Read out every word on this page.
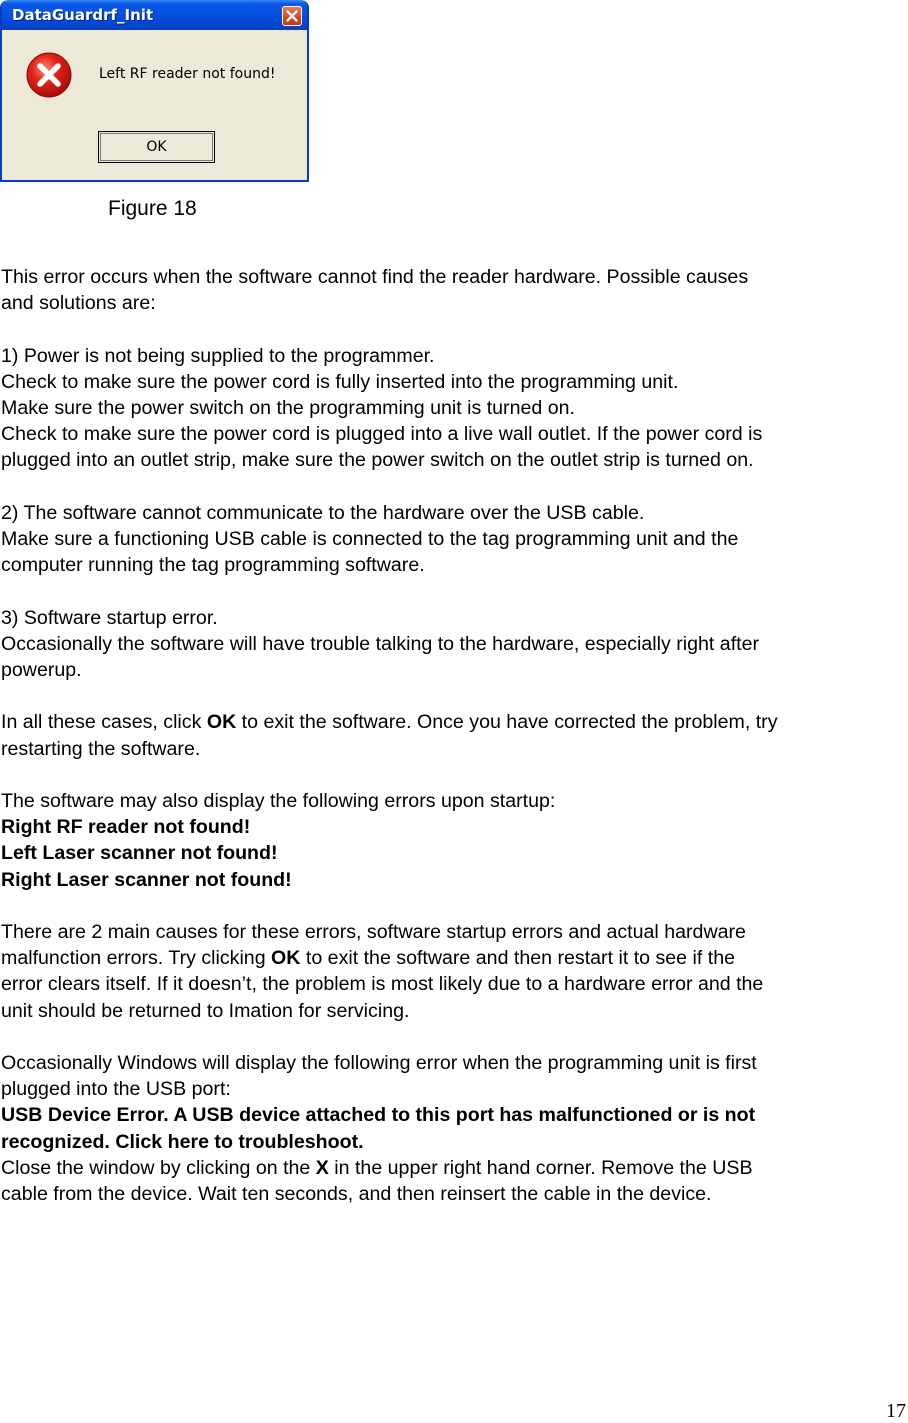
DataGuardrf_Init
Left RF reader not found!
OK
Figure 18

This error occurs when the software cannot find the reader hardware. Possible causes
and solutions are:

1) Power is not being supplied to the programmer.
Check to make sure the power cord is fully inserted into the programming unit.
Make sure the power switch on the programming unit is turned on.
Check to make sure the power cord is plugged into a live wall outlet. If the power cord is
plugged into an outlet strip, make sure the power switch on the outlet strip is turned on.

2) The software cannot communicate to the hardware over the USB cable.
Make sure a functioning USB cable is connected to the tag programming unit and the
computer running the tag programming software.

3) Software startup error.
Occasionally the software will have trouble talking to the hardware, especially right after
powerup.

In all these cases, click OK to exit the software. Once you have corrected the problem, try
restarting the software.

The software may also display the following errors upon startup:
Right RF reader not found!
Left Laser scanner not found!
Right Laser scanner not found!

There are 2 main causes for these errors, software startup errors and actual hardware
malfunction errors. Try clicking OK to exit the software and then restart it to see if the
error clears itself. If it doesn’t, the problem is most likely due to a hardware error and the
unit should be returned to Imation for servicing.

Occasionally Windows will display the following error when the programming unit is first
plugged into the USB port:
USB Device Error. A USB device attached to this port has malfunctioned or is not
recognized. Click here to troubleshoot.
Close the window by clicking on the X in the upper right hand corner. Remove the USB
cable from the device. Wait ten seconds, and then reinsert the cable in the device.

17
